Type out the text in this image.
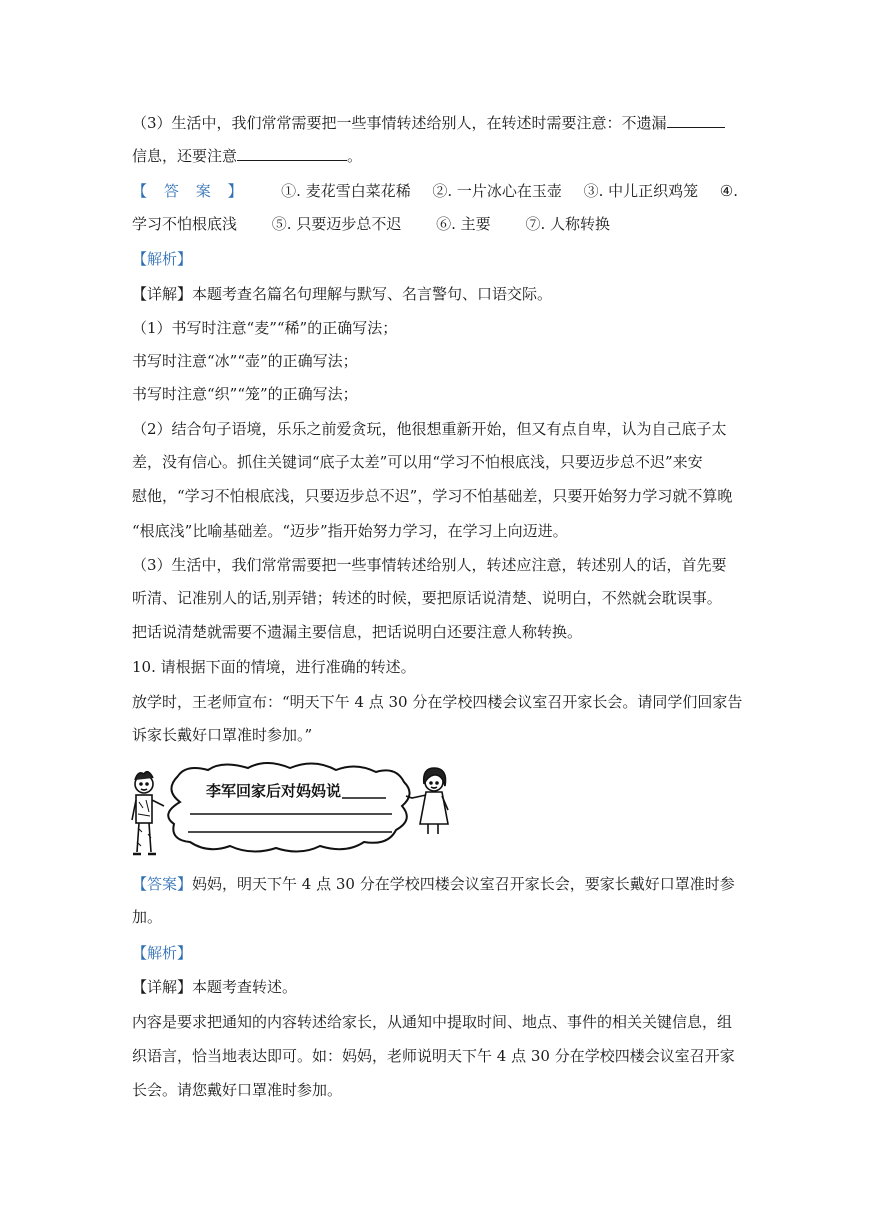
（3）生活中，我们常常需要把一些事情转述给别人，在转述时需要注意：不遗漏
信息，还要注意	。
【答案】 ①. 麦花雪白菜花稀 ②. 一片冰心在玉壶 ③. 中儿正织鸡笼 ④.
学习不怕根底浅 ⑤. 只要迈步总不迟 ⑥. 主要 ⑦. 人称转换
【解析】
【详解】本题考查名篇名句理解与默写、名言警句、口语交际。
（1）书写时注意“麦”“稀”的正确写法；
书写时注意“冰”“壶”的正确写法；
书写时注意“织”“笼”的正确写法；
（2）结合句子语境，乐乐之前爱贪玩，他很想重新开始，但又有点自卑，认为自己底子太
差，没有信心。抓住关键词“底子太差”可以用“学习不怕根底浅，只要迈步总不迟”来安
慰他，“学习不怕根底浅，只要迈步总不迟”，学习不怕基础差，只要开始努力学习就不算晚
“根底浅”比喻基础差。“迈步”指开始努力学习，在学习上向迈进。
（3）生活中，我们常常需要把一些事情转述给别人，转述应注意，转述别人的话，首先要
听清、记准别人的话,别弄错；转述的时候，要把原话说清楚、说明白，不然就会耽误事。
把话说清楚就需要不遗漏主要信息，把话说明白还要注意人称转换。
10. 请根据下面的情境，进行准确的转述。
放学时，王老师宣布：“明天下午 4 点 30 分在学校四楼会议室召开家长会。请同学们回家告
诉家长戴好口罩准时参加。”
李军回家后对妈妈说
【答案】妈妈，明天下午 4 点 30 分在学校四楼会议室召开家长会，要家长戴好口罩准时参
加。
【解析】
【详解】本题考查转述。
内容是要求把通知的内容转述给家长，从通知中提取时间、地点、事件的相关关键信息，组
织语言，恰当地表达即可。如：妈妈，老师说明天下午 4 点 30 分在学校四楼会议室召开家
长会。请您戴好口罩准时参加。
